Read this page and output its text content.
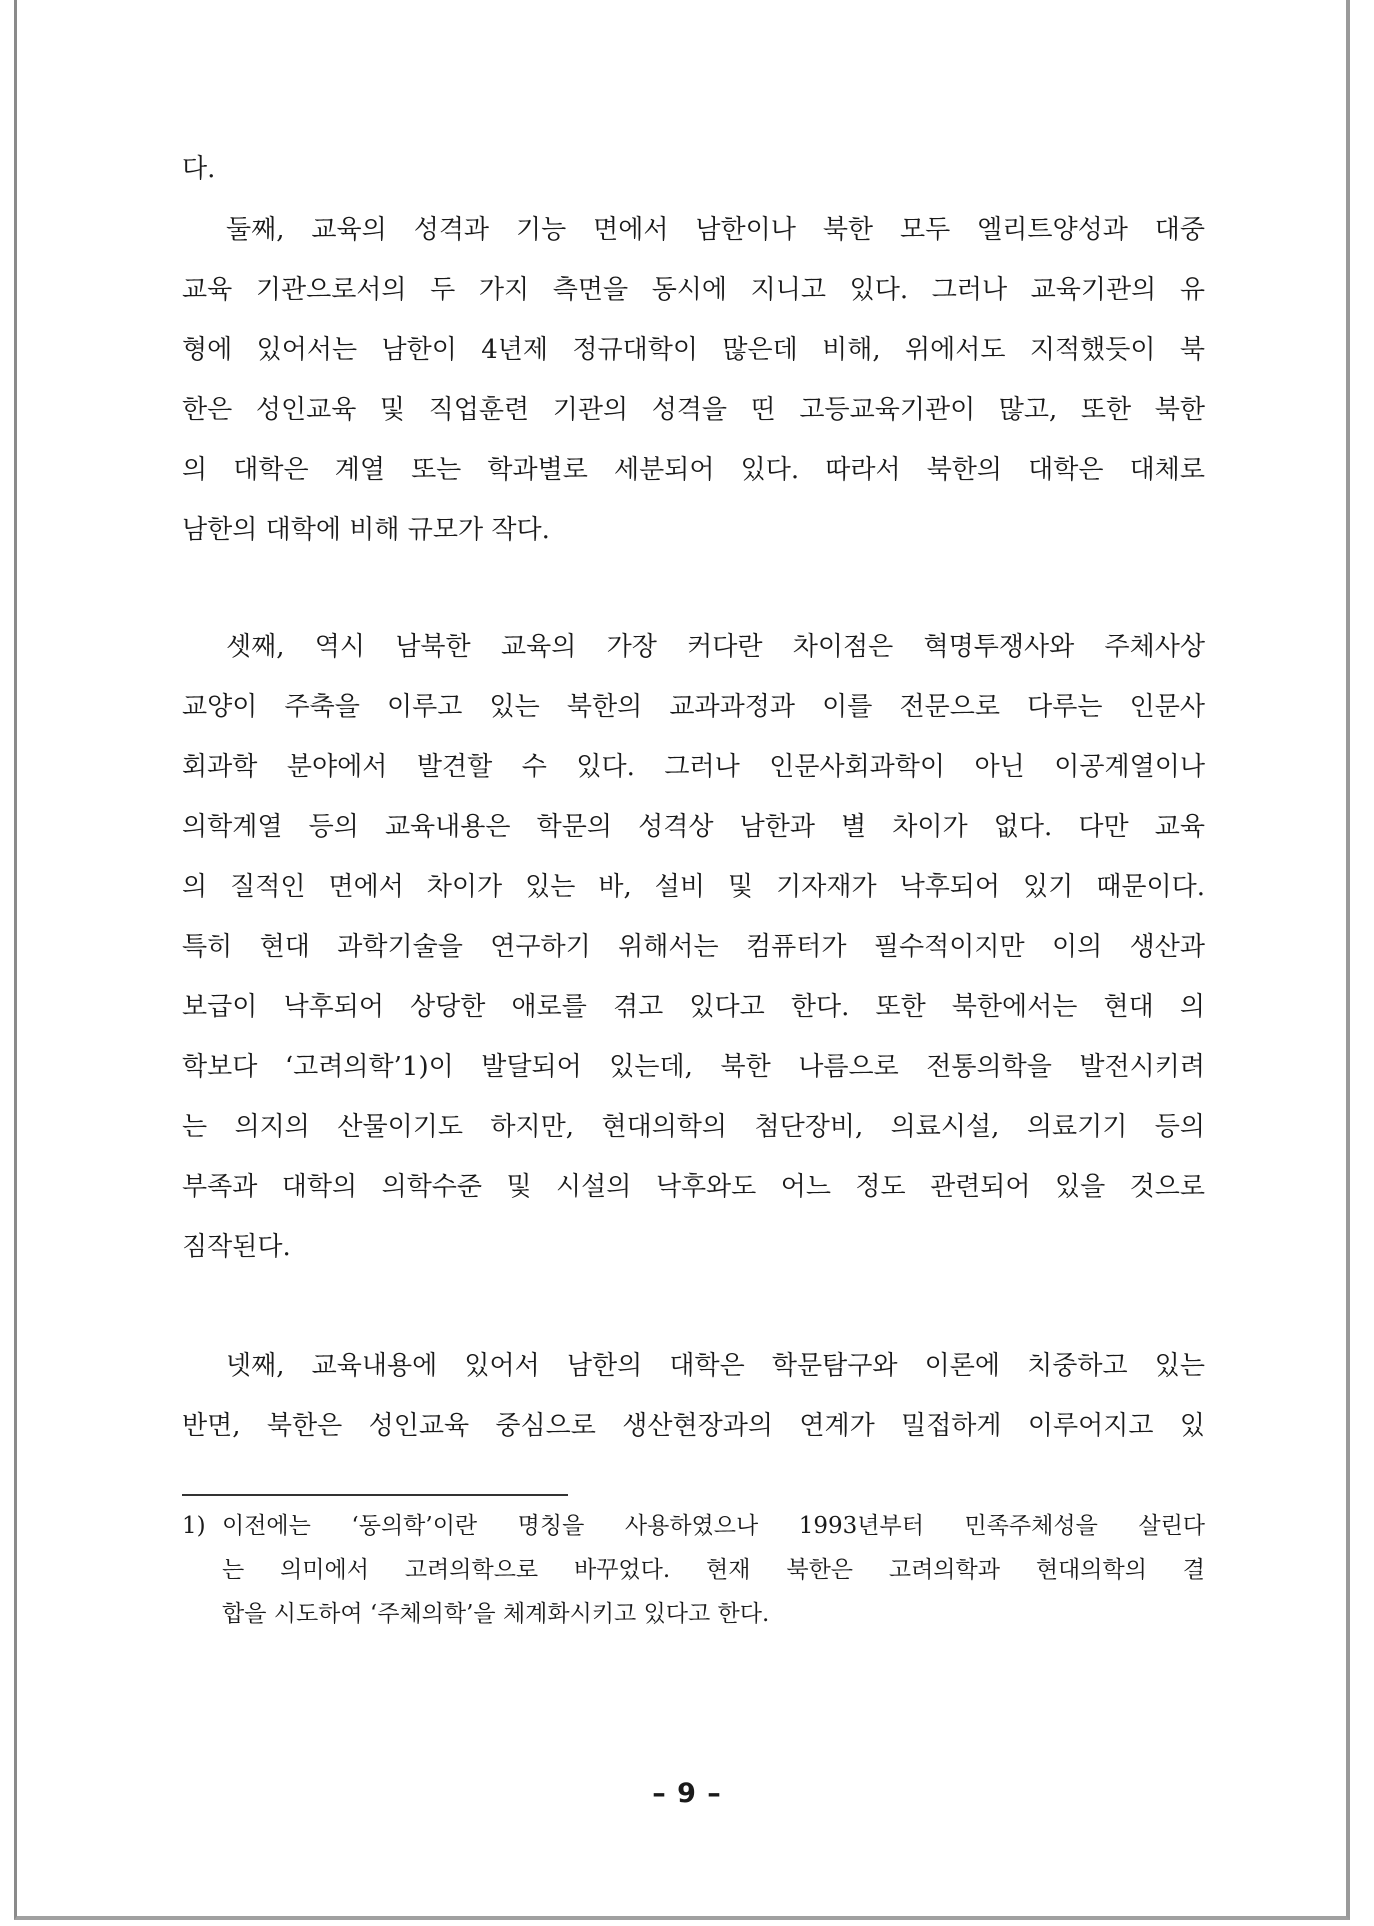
다.
둘째, 교육의 성격과 기능 면에서 남한이나 북한 모두 엘리트양성과 대중
교육 기관으로서의 두 가지 측면을 동시에 지니고 있다. 그러나 교육기관의 유
형에 있어서는 남한이 4년제 정규대학이 많은데 비해, 위에서도 지적했듯이 북
한은 성인교육 및 직업훈련 기관의 성격을 띤 고등교육기관이 많고, 또한 북한
의 대학은 계열 또는 학과별로 세분되어 있다. 따라서 북한의 대학은 대체로
남한의 대학에 비해 규모가 작다.
셋째, 역시 남북한 교육의 가장 커다란 차이점은 혁명투쟁사와 주체사상
교양이 주축을 이루고 있는 북한의 교과과정과 이를 전문으로 다루는 인문사
회과학 분야에서 발견할 수 있다. 그러나 인문사회과학이 아닌 이공계열이나
의학계열 등의 교육내용은 학문의 성격상 남한과 별 차이가 없다. 다만 교육
의 질적인 면에서 차이가 있는 바, 설비 및 기자재가 낙후되어 있기 때문이다.
특히 현대 과학기술을 연구하기 위해서는 컴퓨터가 필수적이지만 이의 생산과
보급이 낙후되어 상당한 애로를 겪고 있다고 한다. 또한 북한에서는 현대 의
학보다 ‘고려의학’1)이 발달되어 있는데, 북한 나름으로 전통의학을 발전시키려
는 의지의 산물이기도 하지만, 현대의학의 첨단장비, 의료시설, 의료기기 등의
부족과 대학의 의학수준 및 시설의 낙후와도 어느 정도 관련되어 있을 것으로
짐작된다.
넷째, 교육내용에 있어서 남한의 대학은 학문탐구와 이론에 치중하고 있는
반면, 북한은 성인교육 중심으로 생산현장과의 연계가 밀접하게 이루어지고 있
1) 이전에는 ‘동의학’이란 명칭을 사용하였으나 1993년부터 민족주체성을 살린다
는 의미에서 고려의학으로 바꾸었다. 현재 북한은 고려의학과 현대의학의 결
합을 시도하여 ‘주체의학’을 체계화시키고 있다고 한다.
– 9 –
